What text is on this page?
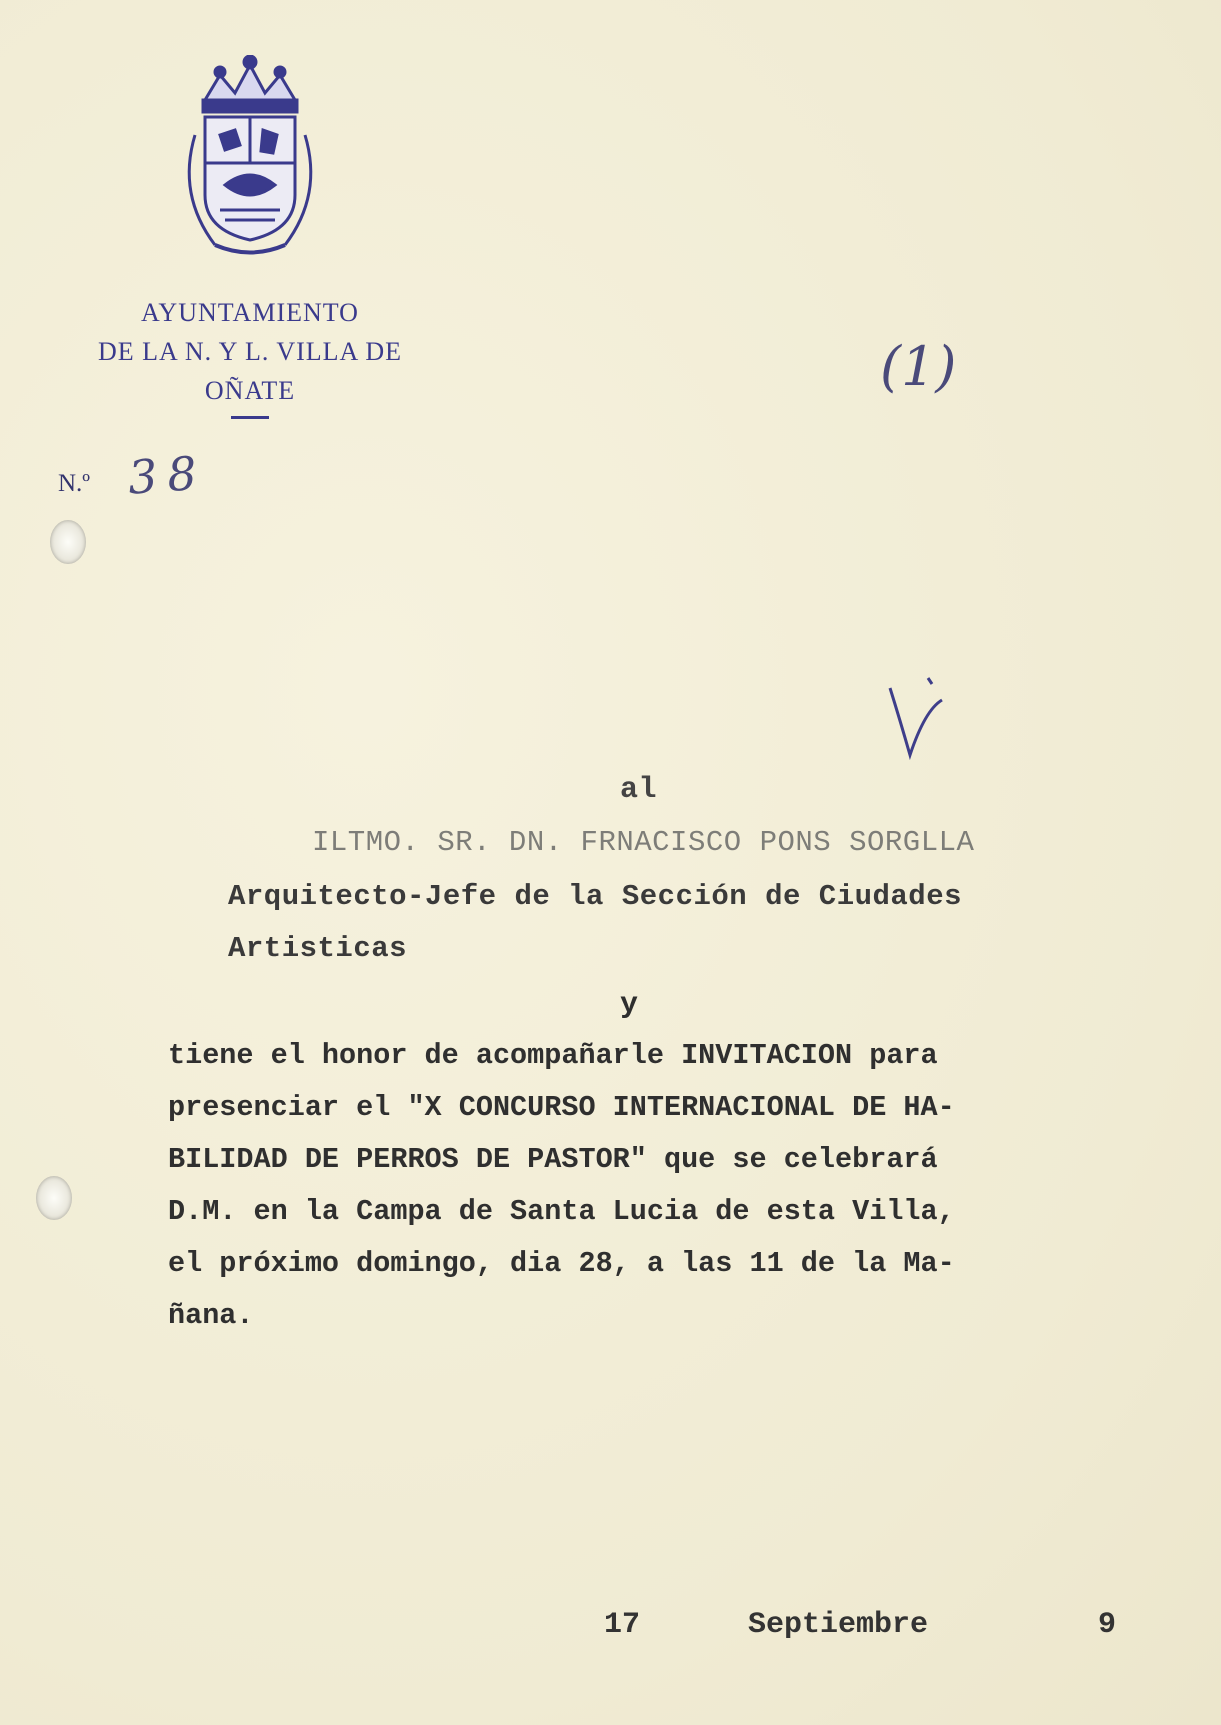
AYUNTAMIENTO
DE LA N. Y L. VILLA DE
OÑATE
N.º 38
(1)
al
ILTMO. SR. DN. FRNACISCO PONS SORGLLA
Arquitecto-Jefe de la Sección de Ciudades
Artisticas
y
tiene el honor de acompañarle INVITACION para
presenciar el "X CONCURSO INTERNACIONAL DE HA-
BILIDAD DE PERROS DE PASTOR" que se celebrará
D.M. en la Campa de Santa Lucia de esta Villa,
el próximo domingo, dia 28, a las 11 de la Ma-
ñana.
17	Septiembre	9
